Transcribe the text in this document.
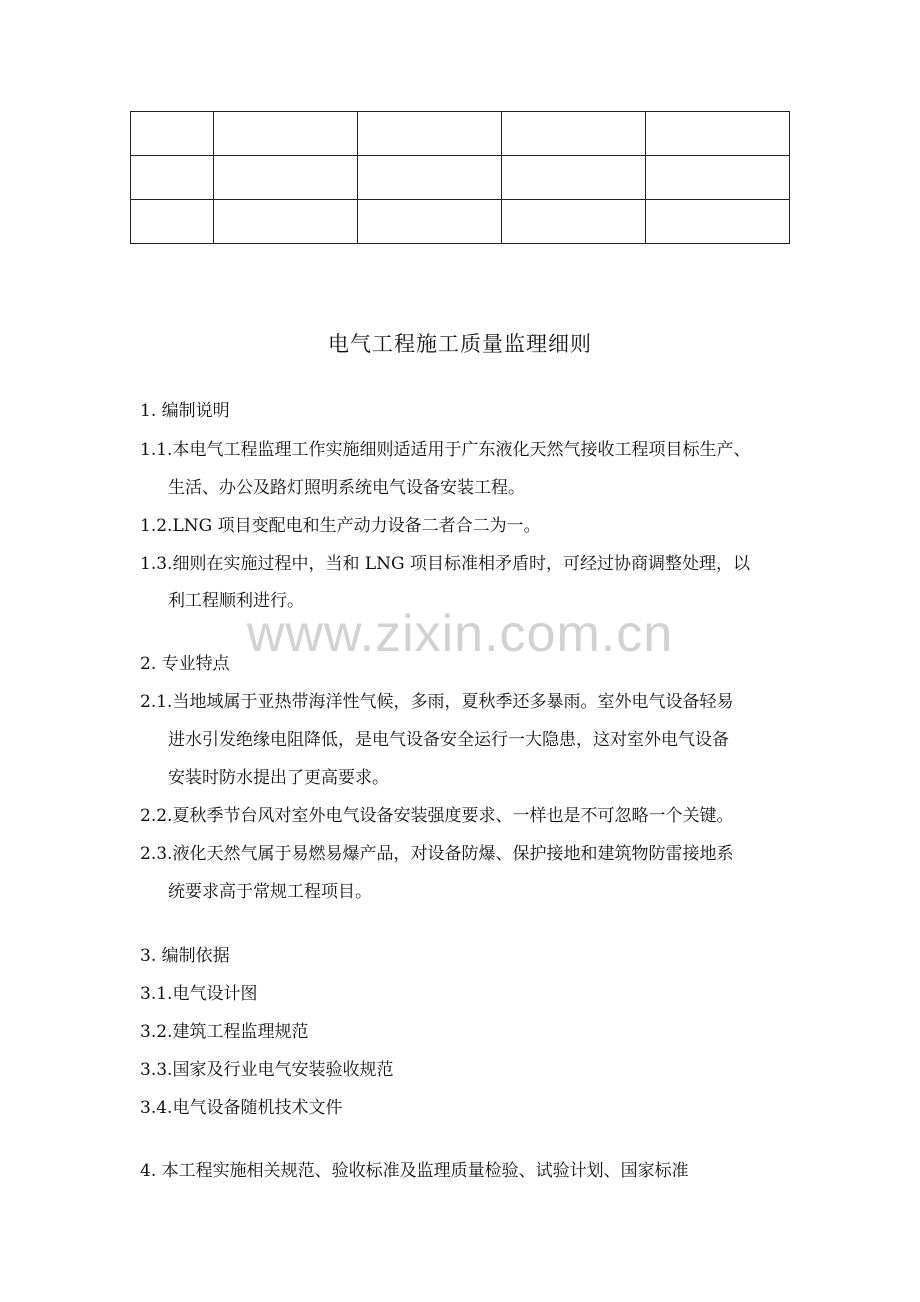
电气工程施工质量监理细则
1. 编制说明
1.1.本电气工程监理工作实施细则适适用于广东液化天然气接收工程项目标生产、
生活、办公及路灯照明系统电气设备安装工程。
1.2.LNG 项目变配电和生产动力设备二者合二为一。
1.3.细则在实施过程中，当和 LNG 项目标准相矛盾时，可经过协商调整处理，以
利工程顺利进行。
www.zixin.com.cn
2. 专业特点
2.1.当地域属于亚热带海洋性气候，多雨，夏秋季还多暴雨。室外电气设备轻易
进水引发绝缘电阻降低，是电气设备安全运行一大隐患，这对室外电气设备
安装时防水提出了更高要求。
2.2.夏秋季节台风对室外电气设备安装强度要求、一样也是不可忽略一个关键。
2.3.液化天然气属于易燃易爆产品，对设备防爆、保护接地和建筑物防雷接地系
统要求高于常规工程项目。
3. 编制依据
3.1.电气设计图
3.2.建筑工程监理规范
3.3.国家及行业电气安装验收规范
3.4.电气设备随机技术文件
4. 本工程实施相关规范、验收标准及监理质量检验、试验计划、国家标准
